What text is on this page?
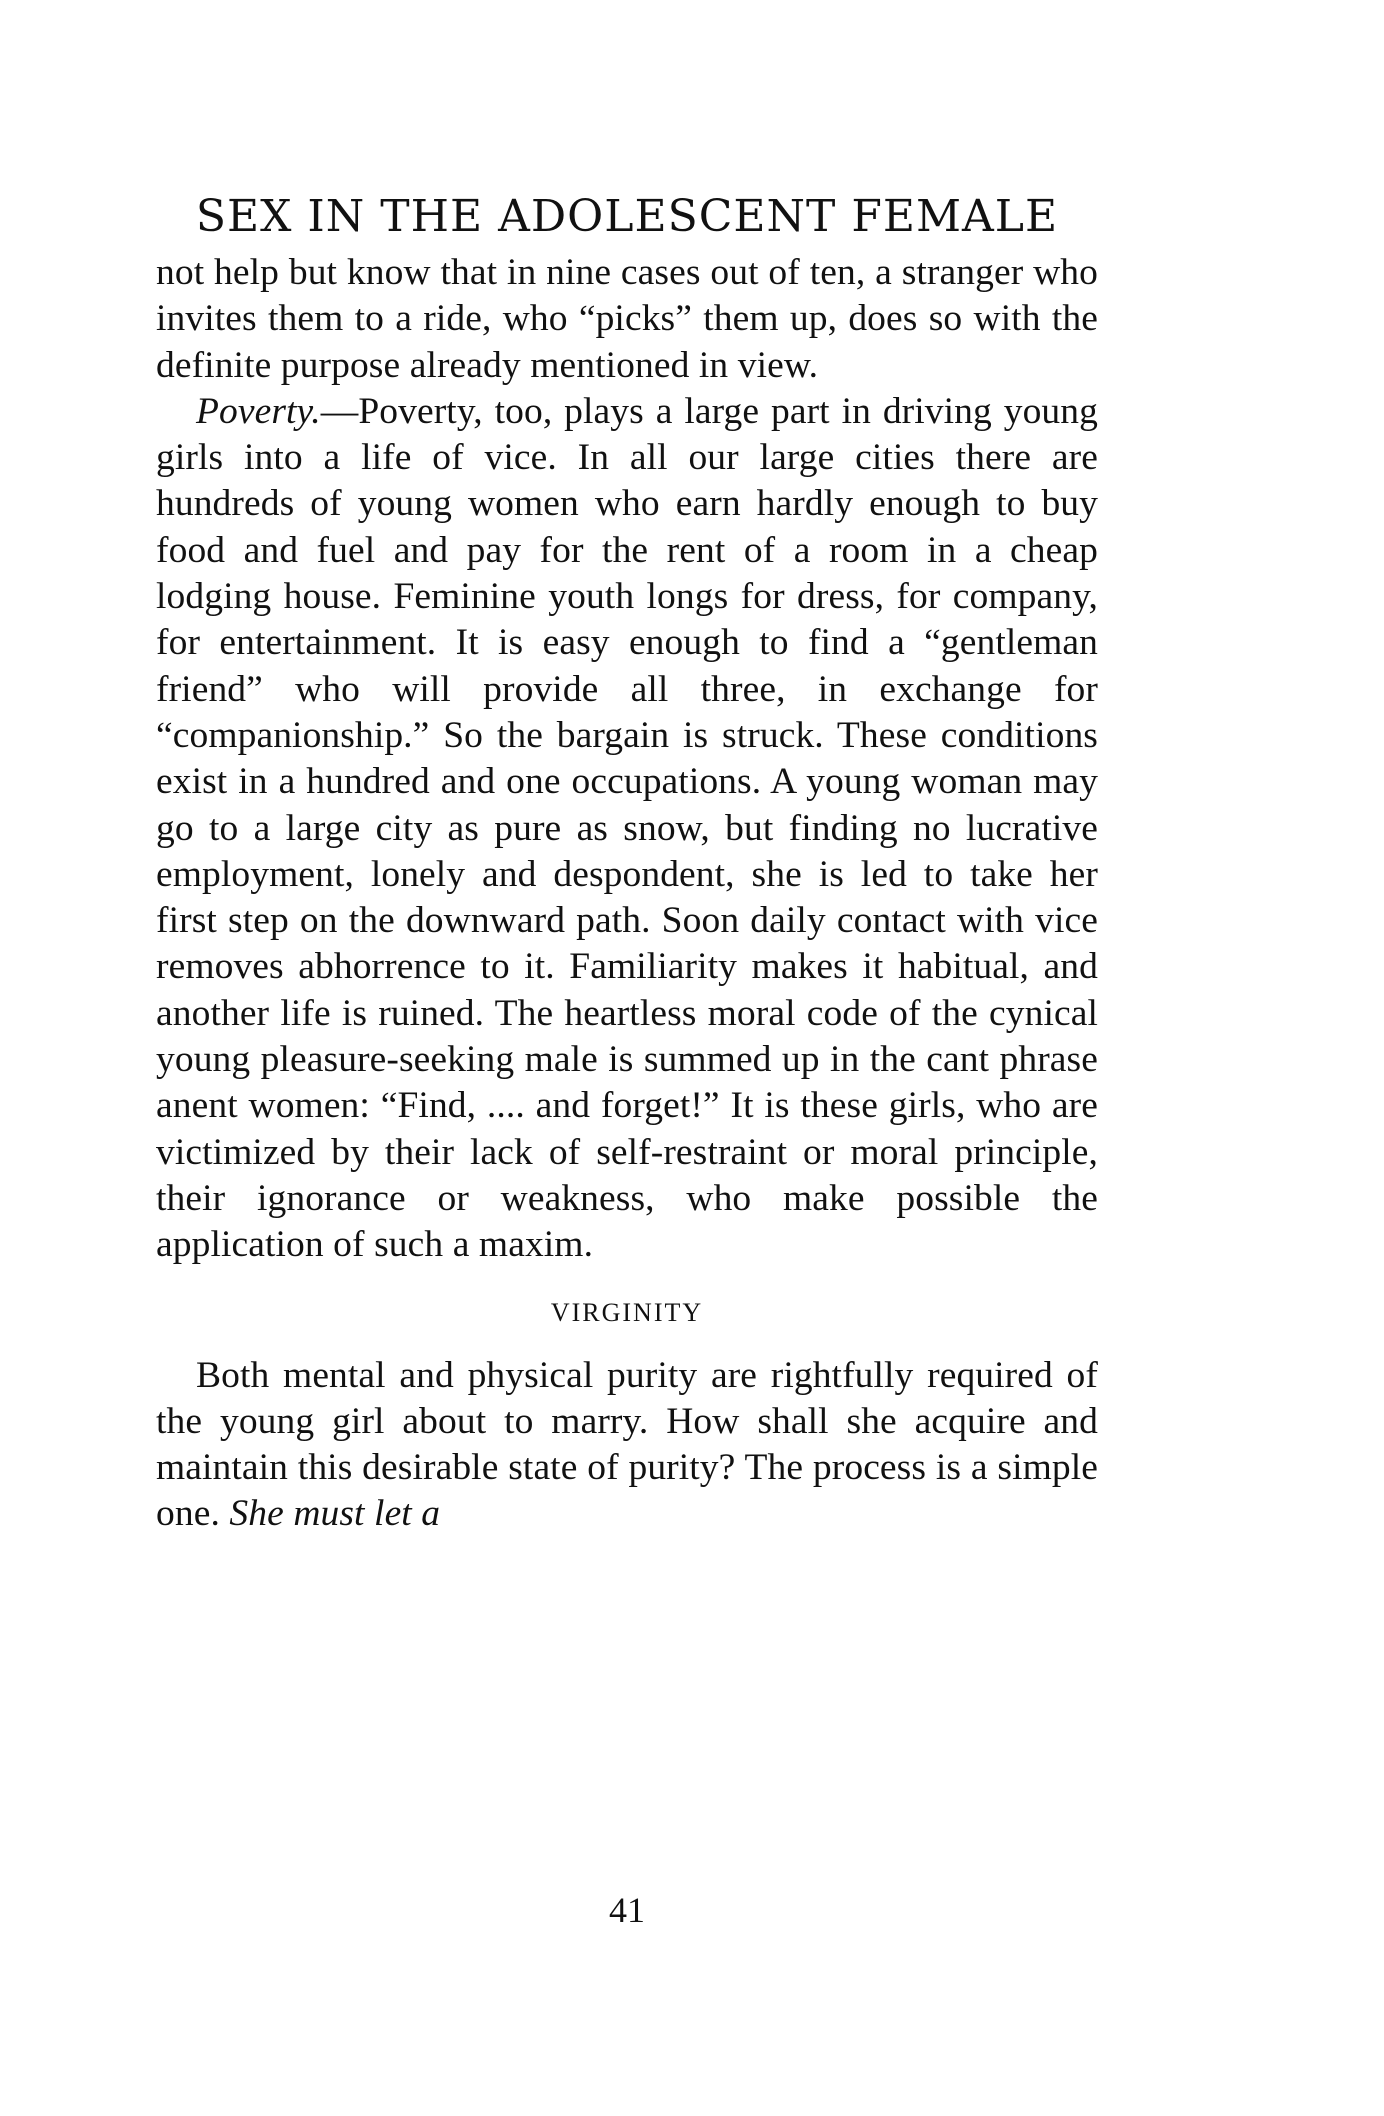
SEX IN THE ADOLESCENT FEMALE

not help but know that in nine cases out of ten, a stranger who invites them to a ride, who “picks” them up, does so with the definite purpose already mentioned in view.

Poverty.—Poverty, too, plays a large part in driving young girls into a life of vice. In all our large cities there are hundreds of young women who earn hardly enough to buy food and fuel and pay for the rent of a room in a cheap lodging house. Feminine youth longs for dress, for company, for entertainment. It is easy enough to find a “gentleman friend” who will provide all three, in exchange for “companionship.” So the bargain is struck. These conditions exist in a hundred and one occupations. A young woman may go to a large city as pure as snow, but finding no lucrative employment, lonely and despondent, she is led to take her first step on the downward path. Soon daily contact with vice removes abhorrence to it. Familiarity makes it habitual, and another life is ruined. The heartless moral code of the cynical young pleasure-seeking male is summed up in the cant phrase anent women: “Find, .... and forget!” It is these girls, who are victimized by their lack of self-restraint or moral principle, their ignorance or weakness, who make possible the application of such a maxim.

VIRGINITY

Both mental and physical purity are rightfully required of the young girl about to marry. How shall she acquire and maintain this desirable state of purity? The process is a simple one. She must let a

41
